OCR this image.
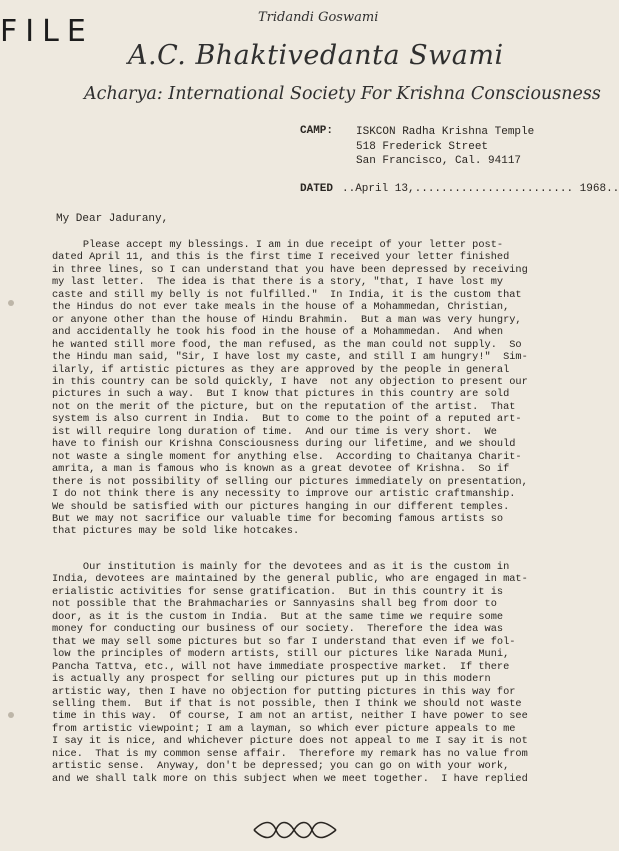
FILE	Tridandi Goswami
A.C. Bhaktivedanta Swami
Acharya: International Society For Krishna Consciousness
CAMP: ISKCON Radha Krishna Temple
518 Frederick Street
San Francisco, Cal. 94117
DATED ..April 13,........................ 1968..
My Dear Jadurany,
Please accept my blessings. I am in due receipt of your letter post-
dated April 11, and this is the first time I received your letter finished
in three lines, so I can understand that you have been depressed by receiving
my last letter.  The idea is that there is a story, "that, I have lost my
caste and still my belly is not fulfilled."  In India, it is the custom that
the Hindus do not ever take meals in the house of a Mohammedan, Christian,
or anyone other than the house of Hindu Brahmin.  But a man was very hungry,
and accidentally he took his food in the house of a Mohammedan.  And when
he wanted still more food, the man refused, as the man could not supply.  So
the Hindu man said, "Sir, I have lost my caste, and still I am hungry!"  Sim-
ilarly, if artistic pictures as they are approved by the people in general
in this country can be sold quickly, I have  not any objection to present our
pictures in such a way.  But I know that pictures in this country are sold
not on the merit of the picture, but on the reputation of the artist.  That
system is also current in India.  But to come to the point of a reputed art-
ist will require long duration of time.  And our time is very short.  We
have to finish our Krishna Consciousness during our lifetime, and we should
not waste a single moment for anything else.  According to Chaitanya Charit-
amrita, a man is famous who is known as a great devotee of Krishna.  So if
there is not possibility of selling our pictures immediately on presentation,
I do not think there is any necessity to improve our artistic craftmanship.
We should be satisfied with our pictures hanging in our different temples.
But we may not sacrifice our valuable time for becoming famous artists so
that pictures may be sold like hotcakes.
Our institution is mainly for the devotees and as it is the custom in
India, devotees are maintained by the general public, who are engaged in mat-
erialistic activities for sense gratification.  But in this country it is
not possible that the Brahmacharies or Sannyasins shall beg from door to
door, as it is the custom in India.  But at the same time we require some
money for conducting our business of our society.  Therefore the idea was
that we may sell some pictures but so far I understand that even if we fol-
low the principles of modern artists, still our pictures like Narada Muni,
Pancha Tattva, etc., will not have immediate prospective market.  If there
is actually any prospect for selling our pictures put up in this modern
artistic way, then I have no objection for putting pictures in this way for
selling them.  But if that is not possible, then I think we should not waste
time in this way.  Of course, I am not an artist, neither I have power to see
from artistic viewpoint; I am a layman, so which ever picture appeals to me
I say it is nice, and whichever picture does not appeal to me I say it is not
nice.  That is my common sense affair.  Therefore my remark has no value from
artistic sense.  Anyway, don't be depressed; you can go on with your work,
and we shall talk more on this subject when we meet together.  I have replied
